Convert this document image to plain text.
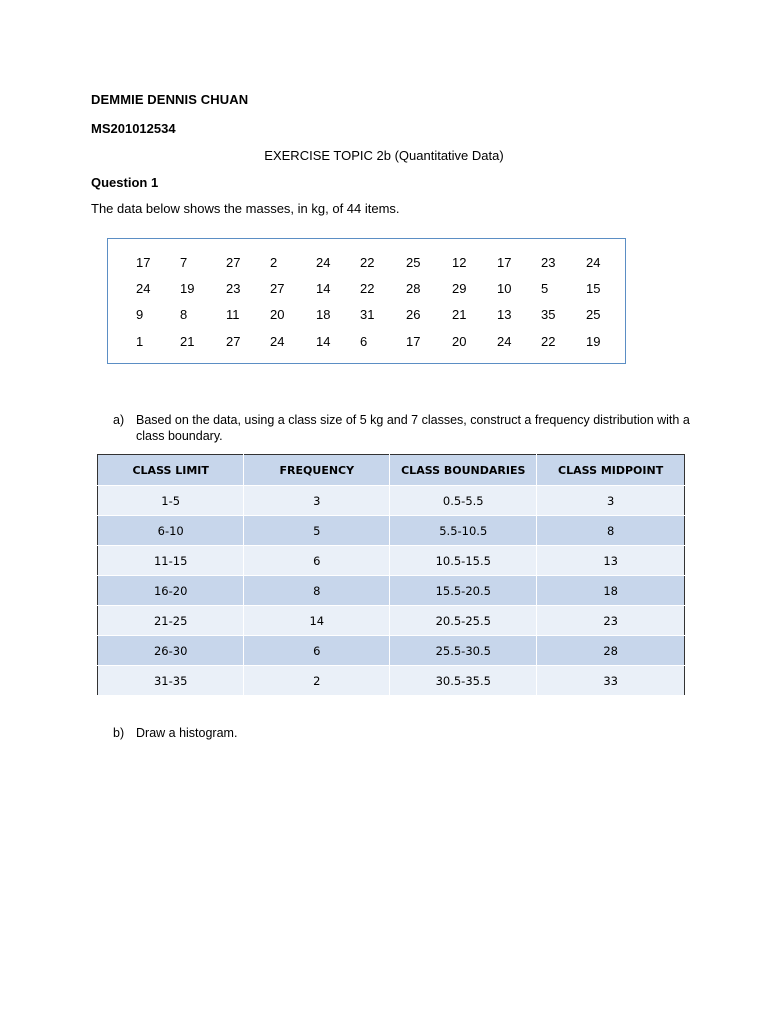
DEMMIE DENNIS CHUAN
MS201012534
EXERCISE TOPIC 2b (Quantitative Data)
Question 1
The data below shows the masses, in kg, of 44 items.
17 7	27 2	24 22 25 12 17 23 24
24 19 23 27 14 22 28 29 10 5	15
9	8	11 20 18 31 26 21 13 35 25
1	21 27 24 14 6	17 20 24 22 19
a) Based on the data, using a class size of 5 kg and 7 classes, construct a frequency distribution with a class boundary.
CLASS LIMIT	FREQUENCY	CLASS BOUNDARIES	CLASS MIDPOINT
1-5	3	0.5-5.5	3
6-10	5	5.5-10.5	8
11-15	6	10.5-15.5	13
16-20	8	15.5-20.5	18
21-25	14	20.5-25.5	23
26-30	6	25.5-30.5	28
31-35	2	30.5-35.5	33
b) Draw a histogram.
